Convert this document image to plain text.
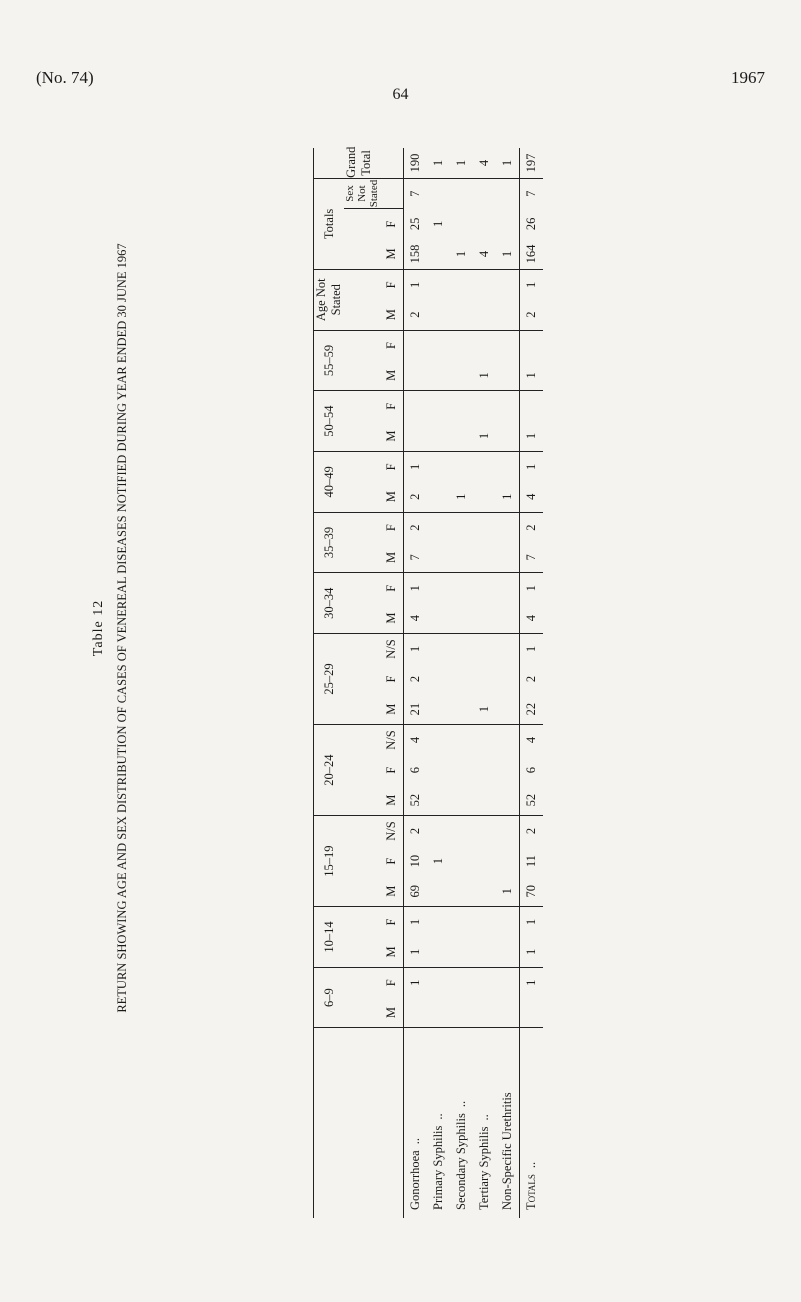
(No. 74)	1967
64
Table 12 RETURN SHOWING AGE AND SEX DISTRIBUTION OF CASES OF VENEREAL DISEASES NOTIFIED DURING YEAR ENDED 30 JUNE 1967
		6–9		10–14		15–19			20–24			25–29			30–34		35–39		40–49		50–54		55–59		Age Not Stated		Totals			Grand Total
																												Sex Not Stated	
	M	F	M	F	M	F	N/S	M	F	N/S	M	F	N/S	M	F	M	F	M	F	M	F	M	F	M	F	M	F		
Gonorrhoea..		1	1	1	69	10	2	52	6	4	21	2	1	4	1	7	2	2	1					2	1	158	25	7	190
Primary Syphilis..						1																					1		1
Secondary Syphilis..																		1								1			1
Tertiary Syphilis..											1									1		1				4			4
Non-Specific Urethritis					1													1								1			1
Totals..		1	1	1	70	11	2	52	6	4	22	2	1	4	1	7	2	4	1	1		1		2	1	164	26	7	197
